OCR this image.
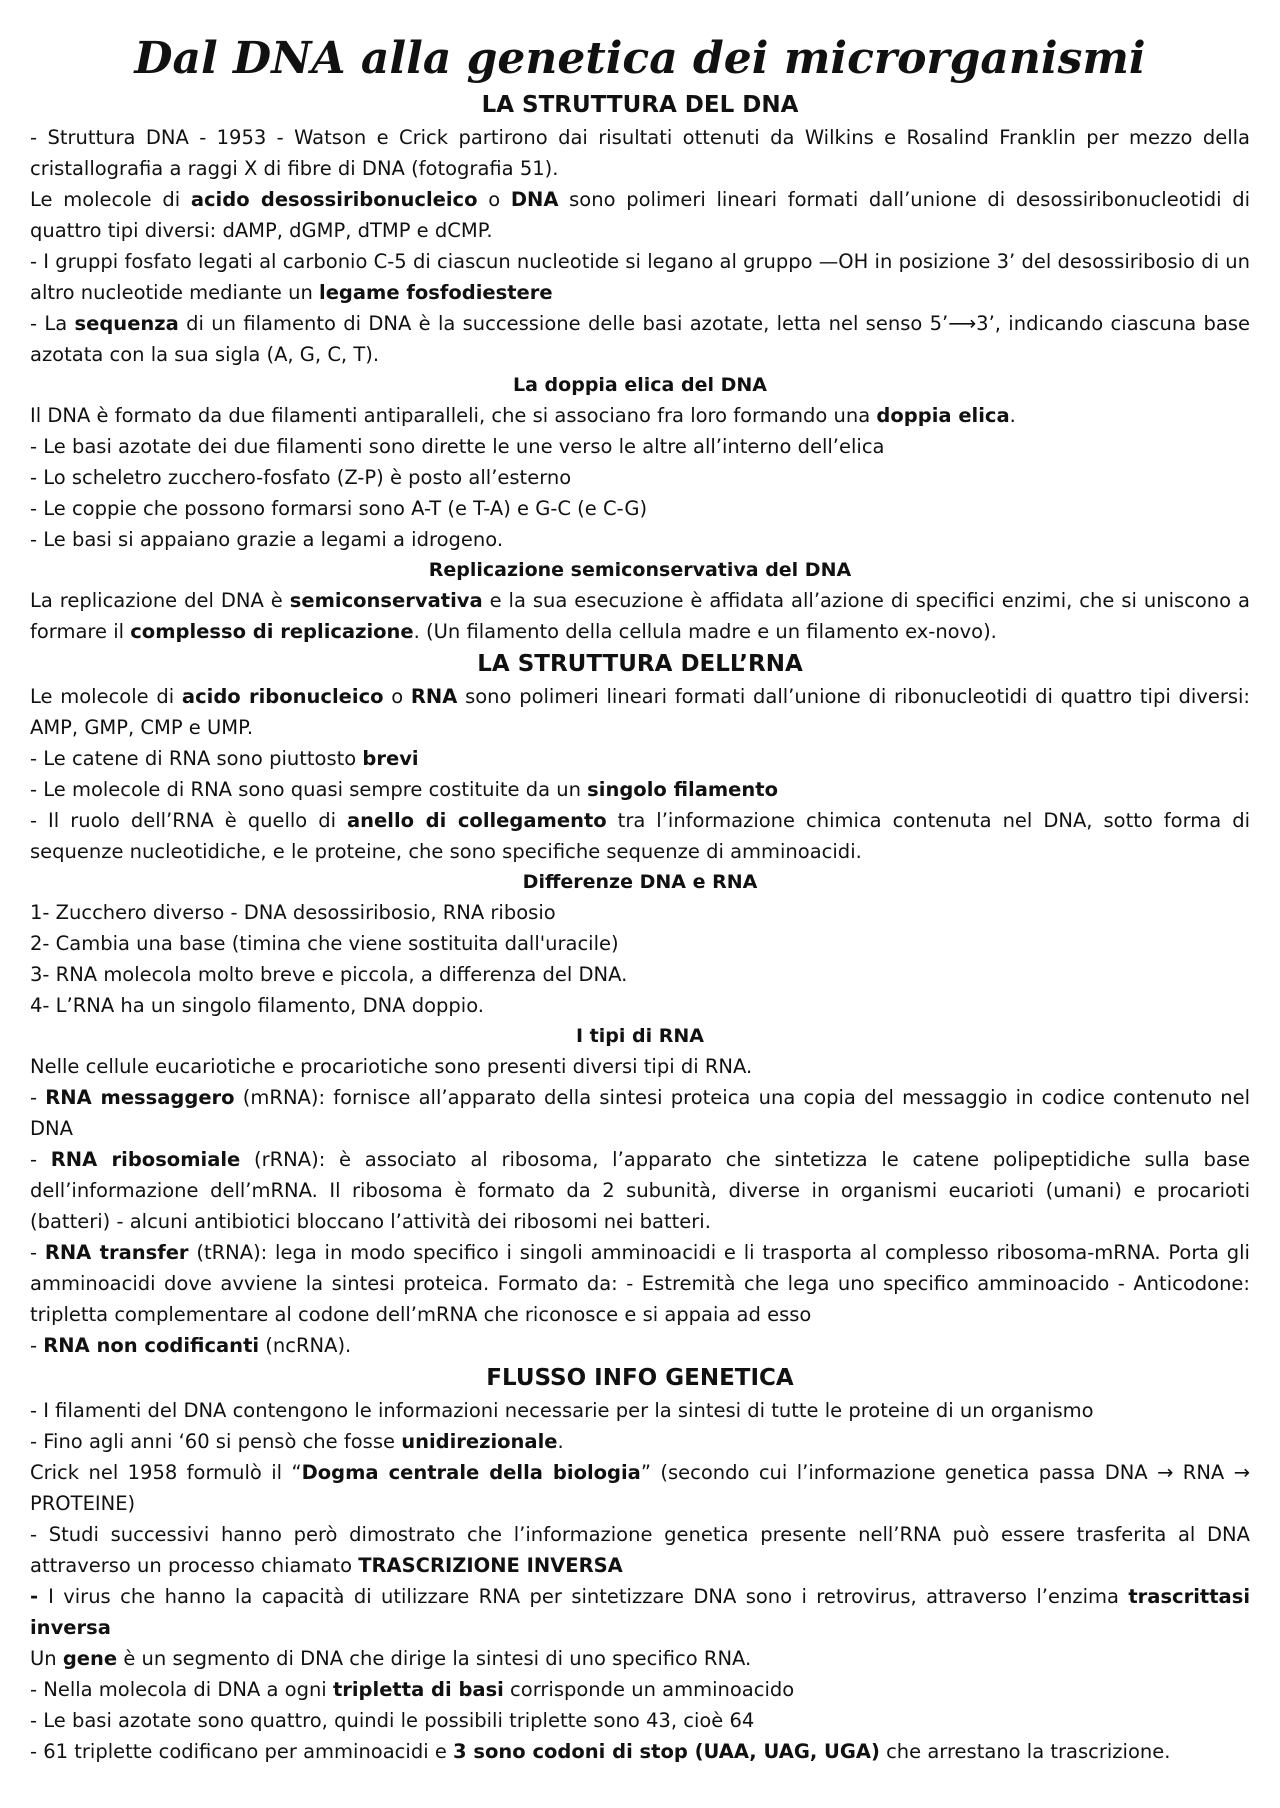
Dal DNA alla genetica dei microrganismi
LA STRUTTURA DEL DNA

- Struttura DNA - 1953 - Watson e Crick partirono dai risultati ottenuti da Wilkins e Rosalind Franklin per mezzo della cristallografia a raggi X di fibre di DNA (fotografia 51).

Le molecole di acido desossiribonucleico o DNA sono polimeri lineari formati dall’unione di desossiribonucleotidi di quattro tipi diversi: dAMP, dGMP, dTMP e dCMP.

- I gruppi fosfato legati al carbonio C-5 di ciascun nucleotide si legano al gruppo —OH in posizione 3’ del desossiribosio di un altro nucleotide mediante un legame fosfodiestere

- La sequenza di un filamento di DNA è la successione delle basi azotate, letta nel senso 5’⟶3’, indicando ciascuna base azotata con la sua sigla (A, G, C, T).

La doppia elica del DNA

Il DNA è formato da due filamenti antiparalleli, che si associano fra loro formando una doppia elica.

- Le basi azotate dei due filamenti sono dirette le une verso le altre all’interno dell’elica

- Lo scheletro zucchero-fosfato (Z-P) è posto all’esterno

- Le coppie che possono formarsi sono A-T (e T-A) e G-C (e C-G)

- Le basi si appaiano grazie a legami a idrogeno.

Replicazione semiconservativa del DNA

La replicazione del DNA è semiconservativa e la sua esecuzione è affidata all’azione di specifici enzimi, che si uniscono a formare il complesso di replicazione. (Un filamento della cellula madre e un filamento ex-novo).

LA STRUTTURA DELL’RNA

Le molecole di acido ribonucleico o RNA sono polimeri lineari formati dall’unione di ribonucleotidi di quattro tipi diversi: AMP, GMP, CMP e UMP.

- Le catene di RNA sono piuttosto brevi

- Le molecole di RNA sono quasi sempre costituite da un singolo filamento

- Il ruolo dell’RNA è quello di anello di collegamento tra l’informazione chimica contenuta nel DNA, sotto forma di sequenze nucleotidiche, e le proteine, che sono specifiche sequenze di amminoacidi.

Differenze DNA e RNA

1- Zucchero diverso - DNA desossiribosio, RNA ribosio

2- Cambia una base (timina che viene sostituita dall'uracile)

3- RNA molecola molto breve e piccola, a differenza del DNA.

4- L’RNA ha un singolo filamento, DNA doppio.

I tipi di RNA

Nelle cellule eucariotiche e procariotiche sono presenti diversi tipi di RNA.

- RNA messaggero (mRNA): fornisce all’apparato della sintesi proteica una copia del messaggio in codice contenuto nel DNA

- RNA ribosomiale (rRNA): è associato al ribosoma, l’apparato che sintetizza le catene polipeptidiche sulla base dell’informazione dell’mRNA. Il ribosoma è formato da 2 subunità, diverse in organismi eucarioti (umani) e procarioti (batteri) - alcuni antibiotici bloccano l’attività dei ribosomi nei batteri.

- RNA transfer (tRNA): lega in modo specifico i singoli amminoacidi e li trasporta al complesso ribosoma-mRNA. Porta gli amminoacidi dove avviene la sintesi proteica. Formato da: - Estremità che lega uno specifico amminoacido - Anticodone: tripletta complementare al codone dell’mRNA che riconosce e si appaia ad esso

- RNA non codificanti (ncRNA).

FLUSSO INFO GENETICA

- I filamenti del DNA contengono le informazioni necessarie per la sintesi di tutte le proteine di un organismo

- Fino agli anni ‘60 si pensò che fosse unidirezionale.

Crick nel 1958 formulò il “Dogma centrale della biologia” (secondo cui l’informazione genetica passa DNA → RNA → PROTEINE)

- Studi successivi hanno però dimostrato che l’informazione genetica presente nell’RNA può essere trasferita al DNA attraverso un processo chiamato TRASCRIZIONE INVERSA

- I virus che hanno la capacità di utilizzare RNA per sintetizzare DNA sono i retrovirus, attraverso l’enzima trascrittasi inversa

Un gene è un segmento di DNA che dirige la sintesi di uno specifico RNA.

- Nella molecola di DNA a ogni tripletta di basi corrisponde un amminoacido

- Le basi azotate sono quattro, quindi le possibili triplette sono 43, cioè 64

- 61 triplette codificano per amminoacidi e 3 sono codoni di stop (UAA, UAG, UGA) che arrestano la trascrizione.
